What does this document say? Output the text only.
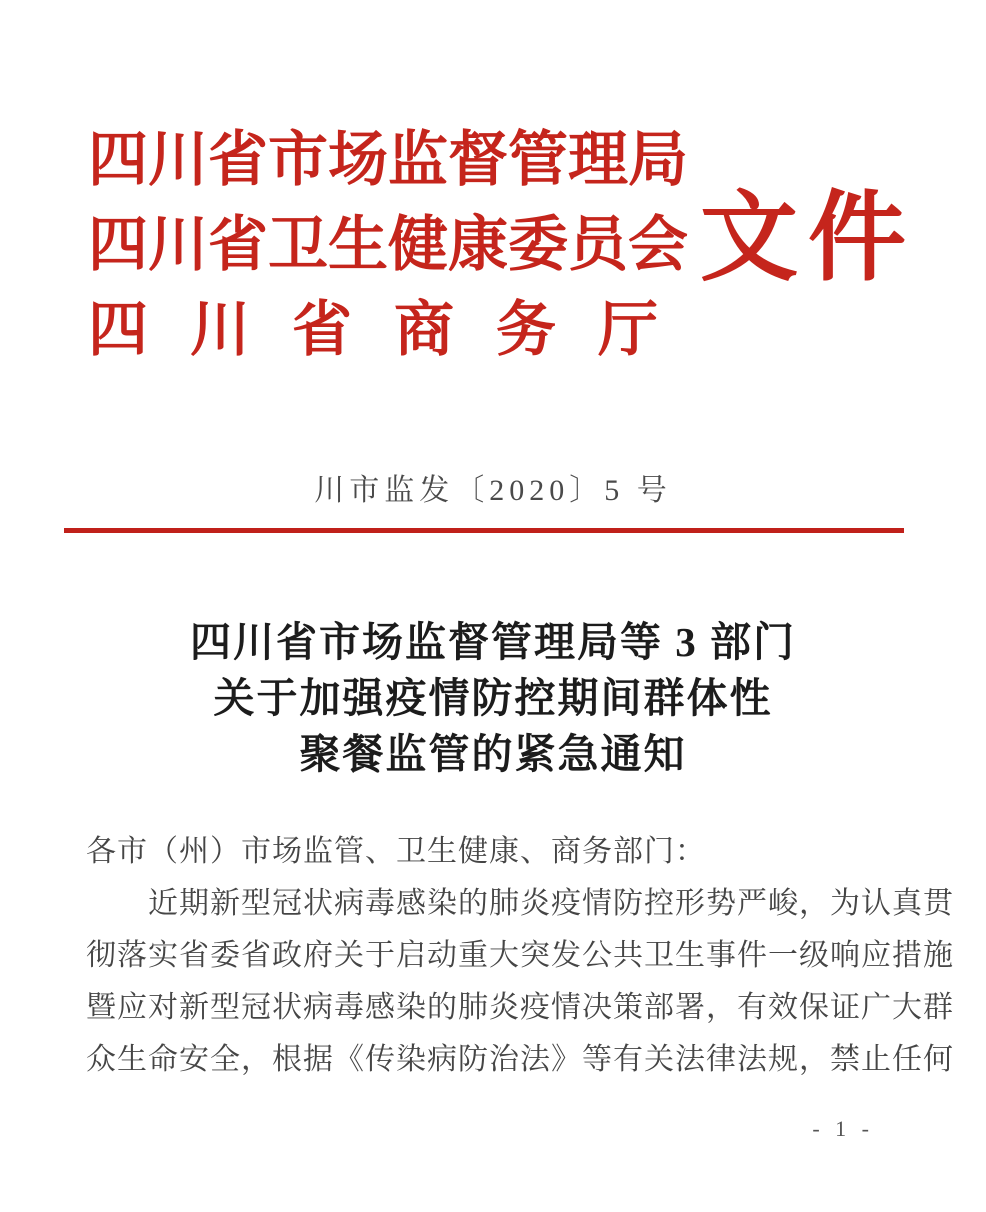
四川省市场监督管理局
四川省卫生健康委员会
四川省商务厅
文件
川市监发〔2020〕5 号
四川省市场监督管理局等 3 部门
关于加强疫情防控期间群体性
聚餐监管的紧急通知
各市（州）市场监管、卫生健康、商务部门：
近期新型冠状病毒感染的肺炎疫情防控形势严峻，为认真贯
彻落实省委省政府关于启动重大突发公共卫生事件一级响应措施
暨应对新型冠状病毒感染的肺炎疫情决策部署，有效保证广大群
众生命安全，根据《传染病防治法》等有关法律法规，禁止任何
- 1 -
